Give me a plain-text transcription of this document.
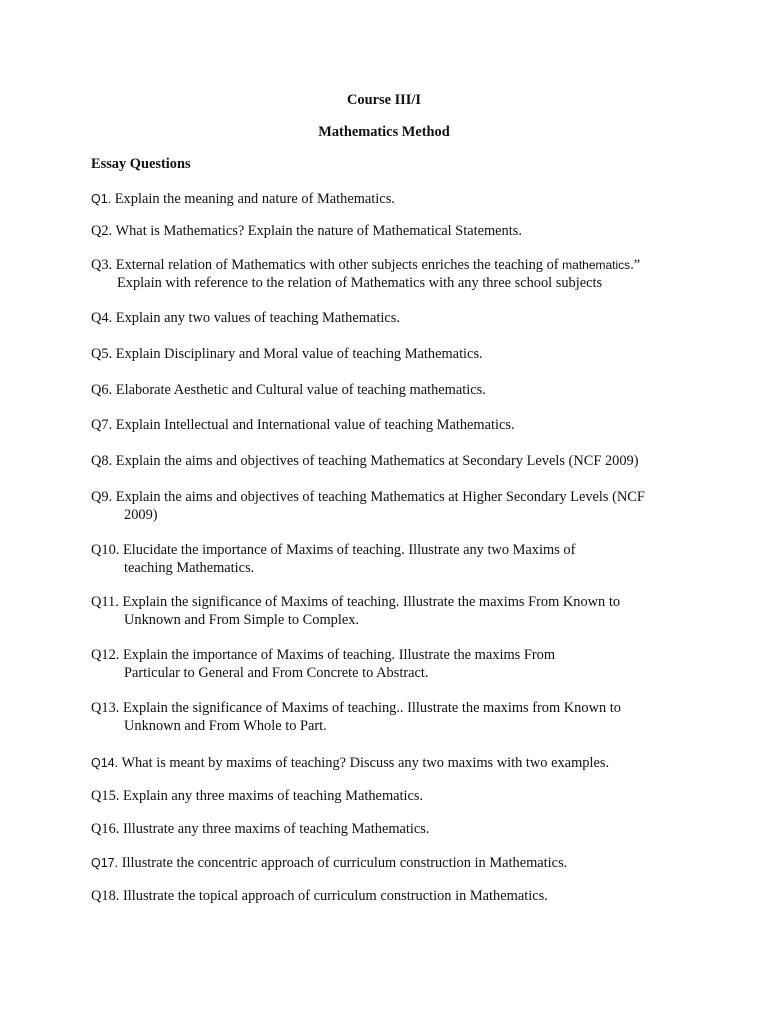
Course III/I
Mathematics Method
Essay Questions
Q1. Explain the meaning and nature of Mathematics.
Q2. What is Mathematics? Explain the nature of Mathematical Statements.
Q3. External relation of Mathematics with other subjects enriches the teaching of mathematics.”
Explain with reference to the relation of Mathematics with any three school subjects
Q4. Explain any two values of teaching Mathematics.
Q5. Explain Disciplinary and Moral value of teaching Mathematics.
Q6. Elaborate Aesthetic and Cultural value of teaching mathematics.
Q7. Explain Intellectual and International value of teaching Mathematics.
Q8. Explain the aims and objectives of teaching Mathematics at Secondary Levels (NCF 2009)
Q9. Explain the aims and objectives of teaching Mathematics at Higher Secondary Levels (NCF
2009)
Q10. Elucidate the importance of Maxims of teaching. Illustrate any two Maxims of
teaching Mathematics.
Q11. Explain the significance of Maxims of teaching. Illustrate the maxims From Known to
Unknown and From Simple to Complex.
Q12. Explain the importance of Maxims of teaching. Illustrate the maxims From
Particular to General and From Concrete to Abstract.
Q13. Explain the significance of Maxims of teaching.. Illustrate the maxims from Known to
Unknown and From Whole to Part.
Q14. What is meant by maxims of teaching? Discuss any two maxims with two examples.
Q15. Explain any three maxims of teaching Mathematics.
Q16. Illustrate any three maxims of teaching Mathematics.
Q17. Illustrate the concentric approach of curriculum construction in Mathematics.
Q18. Illustrate the topical approach of curriculum construction in Mathematics.
